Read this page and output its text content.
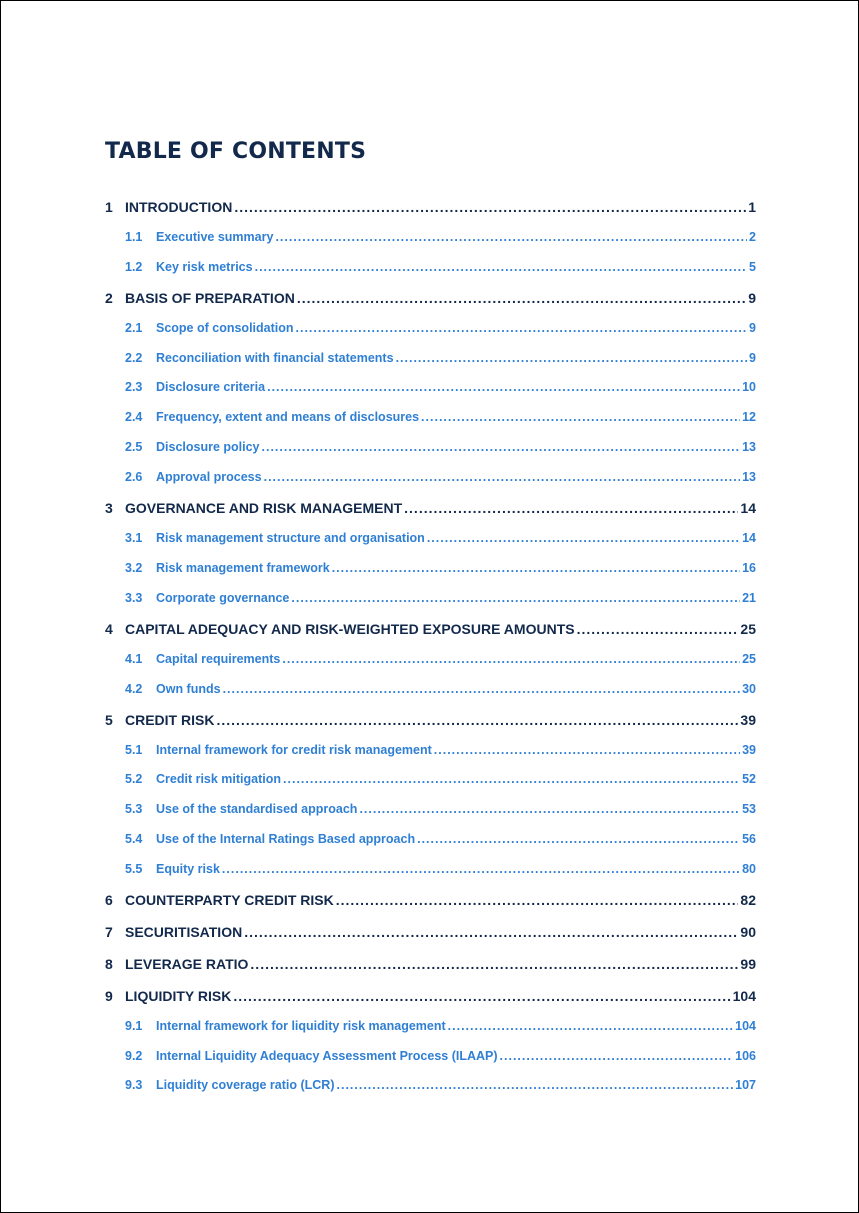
TABLE OF CONTENTS
1 INTRODUCTION .....	1
1.1	Executive summary .....	2
1.2	Key risk metrics .....	5
2 BASIS OF PREPARATION .....	9
2.1	Scope of consolidation .....	9
2.2	Reconciliation with financial statements .....	9
2.3	Disclosure criteria .....	10
2.4	Frequency, extent and means of disclosures .....	12
2.5	Disclosure policy .....	13
2.6	Approval process .....	13
3 GOVERNANCE AND RISK MANAGEMENT .....	14
3.1	Risk management structure and organisation .....	14
3.2	Risk management framework .....	16
3.3	Corporate governance .....	21
4 CAPITAL ADEQUACY AND RISK-WEIGHTED EXPOSURE AMOUNTS .....	25
4.1	Capital requirements .....	25
4.2	Own funds .....	30
5 CREDIT RISK .....	39
5.1	Internal framework for credit risk management .....	39
5.2	Credit risk mitigation .....	52
5.3	Use of the standardised approach .....	53
5.4	Use of the Internal Ratings Based approach .....	56
5.5	Equity risk .....	80
6 COUNTERPARTY CREDIT RISK .....	82
7 SECURITISATION .....	90
8 LEVERAGE RATIO .....	99
9 LIQUIDITY RISK .....	104
9.1	Internal framework for liquidity risk management .....	104
9.2	Internal Liquidity Adequacy Assessment Process (ILAAP) .....	106
9.3	Liquidity coverage ratio (LCR) .....	107
